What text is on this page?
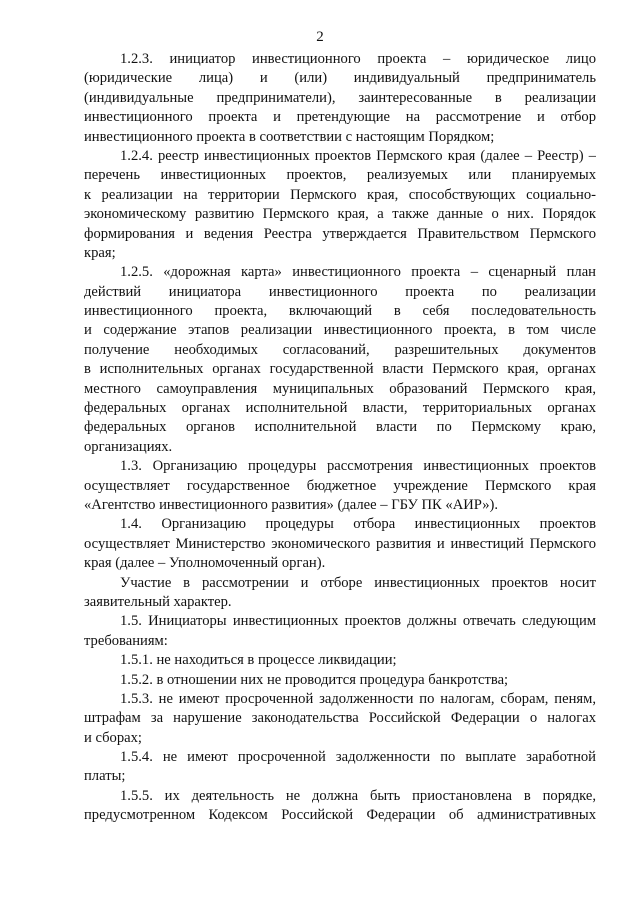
2
1.2.3. инициатор инвестиционного проекта – юридическое лицо
(юридические лица) и (или) индивидуальный предприниматель
(индивидуальные предприниматели), заинтересованные в реализации
инвестиционного проекта и претендующие на рассмотрение и отбор
инвестиционного проекта в соответствии с настоящим Порядком;
1.2.4. реестр инвестиционных проектов Пермского края (далее – Реестр) –
перечень инвестиционных проектов, реализуемых или планируемых
к реализации на территории Пермского края, способствующих социально-
экономическому развитию Пермского края, а также данные о них. Порядок
формирования и ведения Реестра утверждается Правительством Пермского
края;
1.2.5. «дорожная карта» инвестиционного проекта – сценарный план
действий инициатора инвестиционного проекта по реализации
инвестиционного проекта, включающий в себя последовательность
и содержание этапов реализации инвестиционного проекта, в том числе
получение необходимых согласований, разрешительных документов
в исполнительных органах государственной власти Пермского края, органах
местного самоуправления муниципальных образований Пермского края,
федеральных органах исполнительной власти, территориальных органах
федеральных органов исполнительной власти по Пермскому краю,
организациях.
1.3. Организацию процедуры рассмотрения инвестиционных проектов
осуществляет государственное бюджетное учреждение Пермского края
«Агентство инвестиционного развития» (далее – ГБУ ПК «АИР»).
1.4. Организацию процедуры отбора инвестиционных проектов
осуществляет Министерство экономического развития и инвестиций Пермского
края (далее – Уполномоченный орган).
Участие в рассмотрении и отборе инвестиционных проектов носит
заявительный характер.
1.5. Инициаторы инвестиционных проектов должны отвечать следующим
требованиям:
1.5.1. не находиться в процессе ликвидации;
1.5.2. в отношении них не проводится процедура банкротства;
1.5.3. не имеют просроченной задолженности по налогам, сборам, пеням,
штрафам за нарушение законодательства Российской Федерации о налогах
и сборах;
1.5.4. не имеют просроченной задолженности по выплате заработной
платы;
1.5.5. их деятельность не должна быть приостановлена в порядке,
предусмотренном Кодексом Российской Федерации об административных
